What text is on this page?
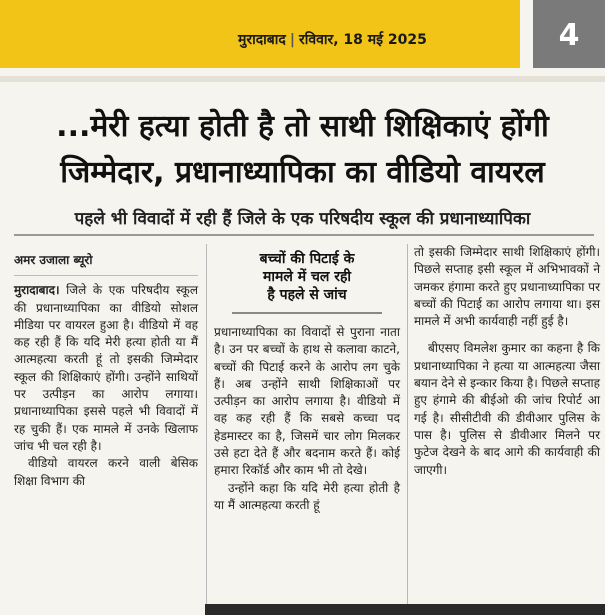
मुरादाबाद | रविवार, 18 मई 2025	4
...मेरी हत्या होती है तो साथी शिक्षिकाएं होंगी
जिम्मेदार, प्रधानाध्यापिका का वीडियो वायरल
पहले भी विवादों में रही हैं जिले के एक परिषदीय स्कूल की प्रधानाध्यापिका
अमर उजाला ब्यूरो

मुरादाबाद। जिले के एक परिषदीय स्कूल की प्रधानाध्यापिका का वीडियो सोशल मीडिया पर वायरल हुआ है। वीडियो में वह कह रही हैं कि यदि मेरी हत्या होती या मैं आत्महत्या करती हूं तो इसकी जिम्मेदार स्कूल की शिक्षिकाएं होंगी। उन्होंने साथियों पर उत्पीड़न का आरोप लगाया। प्रधानाध्यापिका इससे पहले भी विवादों में रह चुकी हैं। एक मामले में उनके खिलाफ जांच भी चल रही है।

वीडियो वायरल करने वाली बेसिक शिक्षा विभाग की

बच्चों की पिटाई के
मामले में चल रही
है पहले से जांच

प्रधानाध्यापिका का विवादों से पुराना नाता है। उन पर बच्चों के हाथ से कलावा काटने, बच्चों की पिटाई करने के आरोप लग चुके हैं। अब उन्होंने साथी शिक्षिकाओं पर उत्पीड़न का आरोप लगाया है। वीडियो में वह कह रही हैं कि सबसे कच्चा पद हेडमास्टर का है, जिसमें चार लोग मिलकर उसे हटा देते हैं और बदनाम करते हैं। कोई हमारा रिकॉर्ड और काम भी तो देखे।

उन्होंने कहा कि यदि मेरी हत्या होती है या मैं आत्महत्या करती हूं

तो इसकी जिम्मेदार साथी शिक्षिकाएं होंगी। पिछले सप्ताह इसी स्कूल में अभिभावकों ने जमकर हंगामा करते हुए प्रधानाध्यापिका पर बच्चों की पिटाई का आरोप लगाया था। इस मामले में अभी कार्यवाही नहीं हुई है।

बीएसए विमलेश कुमार का कहना है कि प्रधानाध्यापिका ने हत्या या आत्महत्या जैसा बयान देने से इन्कार किया है। पिछले सप्ताह हुए हंगामे की बीईओ की जांच रिपोर्ट आ गई है। सीसीटीवी की डीवीआर पुलिस के पास है। पुलिस से डीवीआर मिलने पर फुटेज देखने के बाद आगे की कार्यवाही की जाएगी।
